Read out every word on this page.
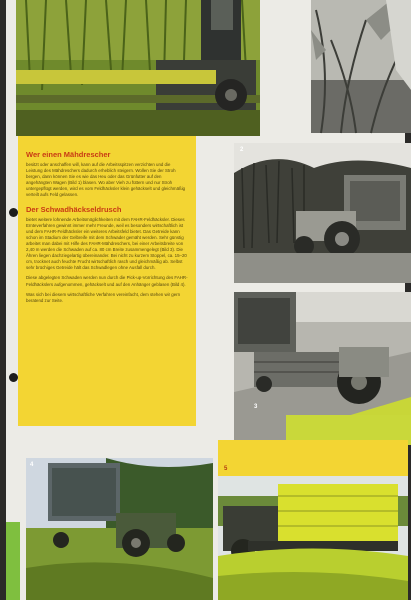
2
3
4
5
Wer einen Mähdrescher

besitzt oder anschaffen will, kann auf die Arbeitsspitzen verzichten und die Leistung des Mähdreschers dadurch erheblich steigern. Wollen Sie der Stroh bergen, dann können Sie es wie das Heu oder das Grünfutter auf den angehängten Wagen (Bild 1) blasen. Wo aber Vieh zu füttern und nur Stroh untergepflügt werden, wird es vom Feldhäcksler klein gehäckselt und gleichmäßig verteilt aufs Feld gelassen.

Der Schwadhäckseldrusch

bietet weitere lohnende Arbeitsmöglichkeiten mit dem FAHR-Feldhäcksler. Dieses Ernteverfahren gewinnt immer mehr Freunde, weil es besonders wirtschaftlich ist und dem FAHR-Feldhäcksler ein weiteres Arbeitsfeld bietet. Das Getreide kann schon im Stadium der Gelbreife mit dem Schwader gemäht werden. Sehr günstig arbeitet man dabei mit Hilfe des FAHR-Mähdreschers, bei einer Arbeitsbreite von 2,40 m werden die Schwaden auf ca. 80 cm Breite zusammengelegt (Bild 3). Die Ähren liegen dachziegelartig übereinander. Bei nicht zu kurzem Stoppel, ca. 15–20 cm, trocknet auch feuchte Frucht wirtschaftlich rasch und gleichmäßig ab. Selbst sehr brüchiges Getreide hält das Schwadlegen ohne Ausfall durch.

Diese abgelegten Schwaden werden nun durch die Pick-up-Vorrichtung des FAHR-Feldhäckslers aufgenommen, gehäckselt und auf den Anhänger geblasen (Bild 4).

Was sich bei diesem wirtschaftliche Verfahren vereinfacht, dem stehen wir gern beratend zur Seite.
